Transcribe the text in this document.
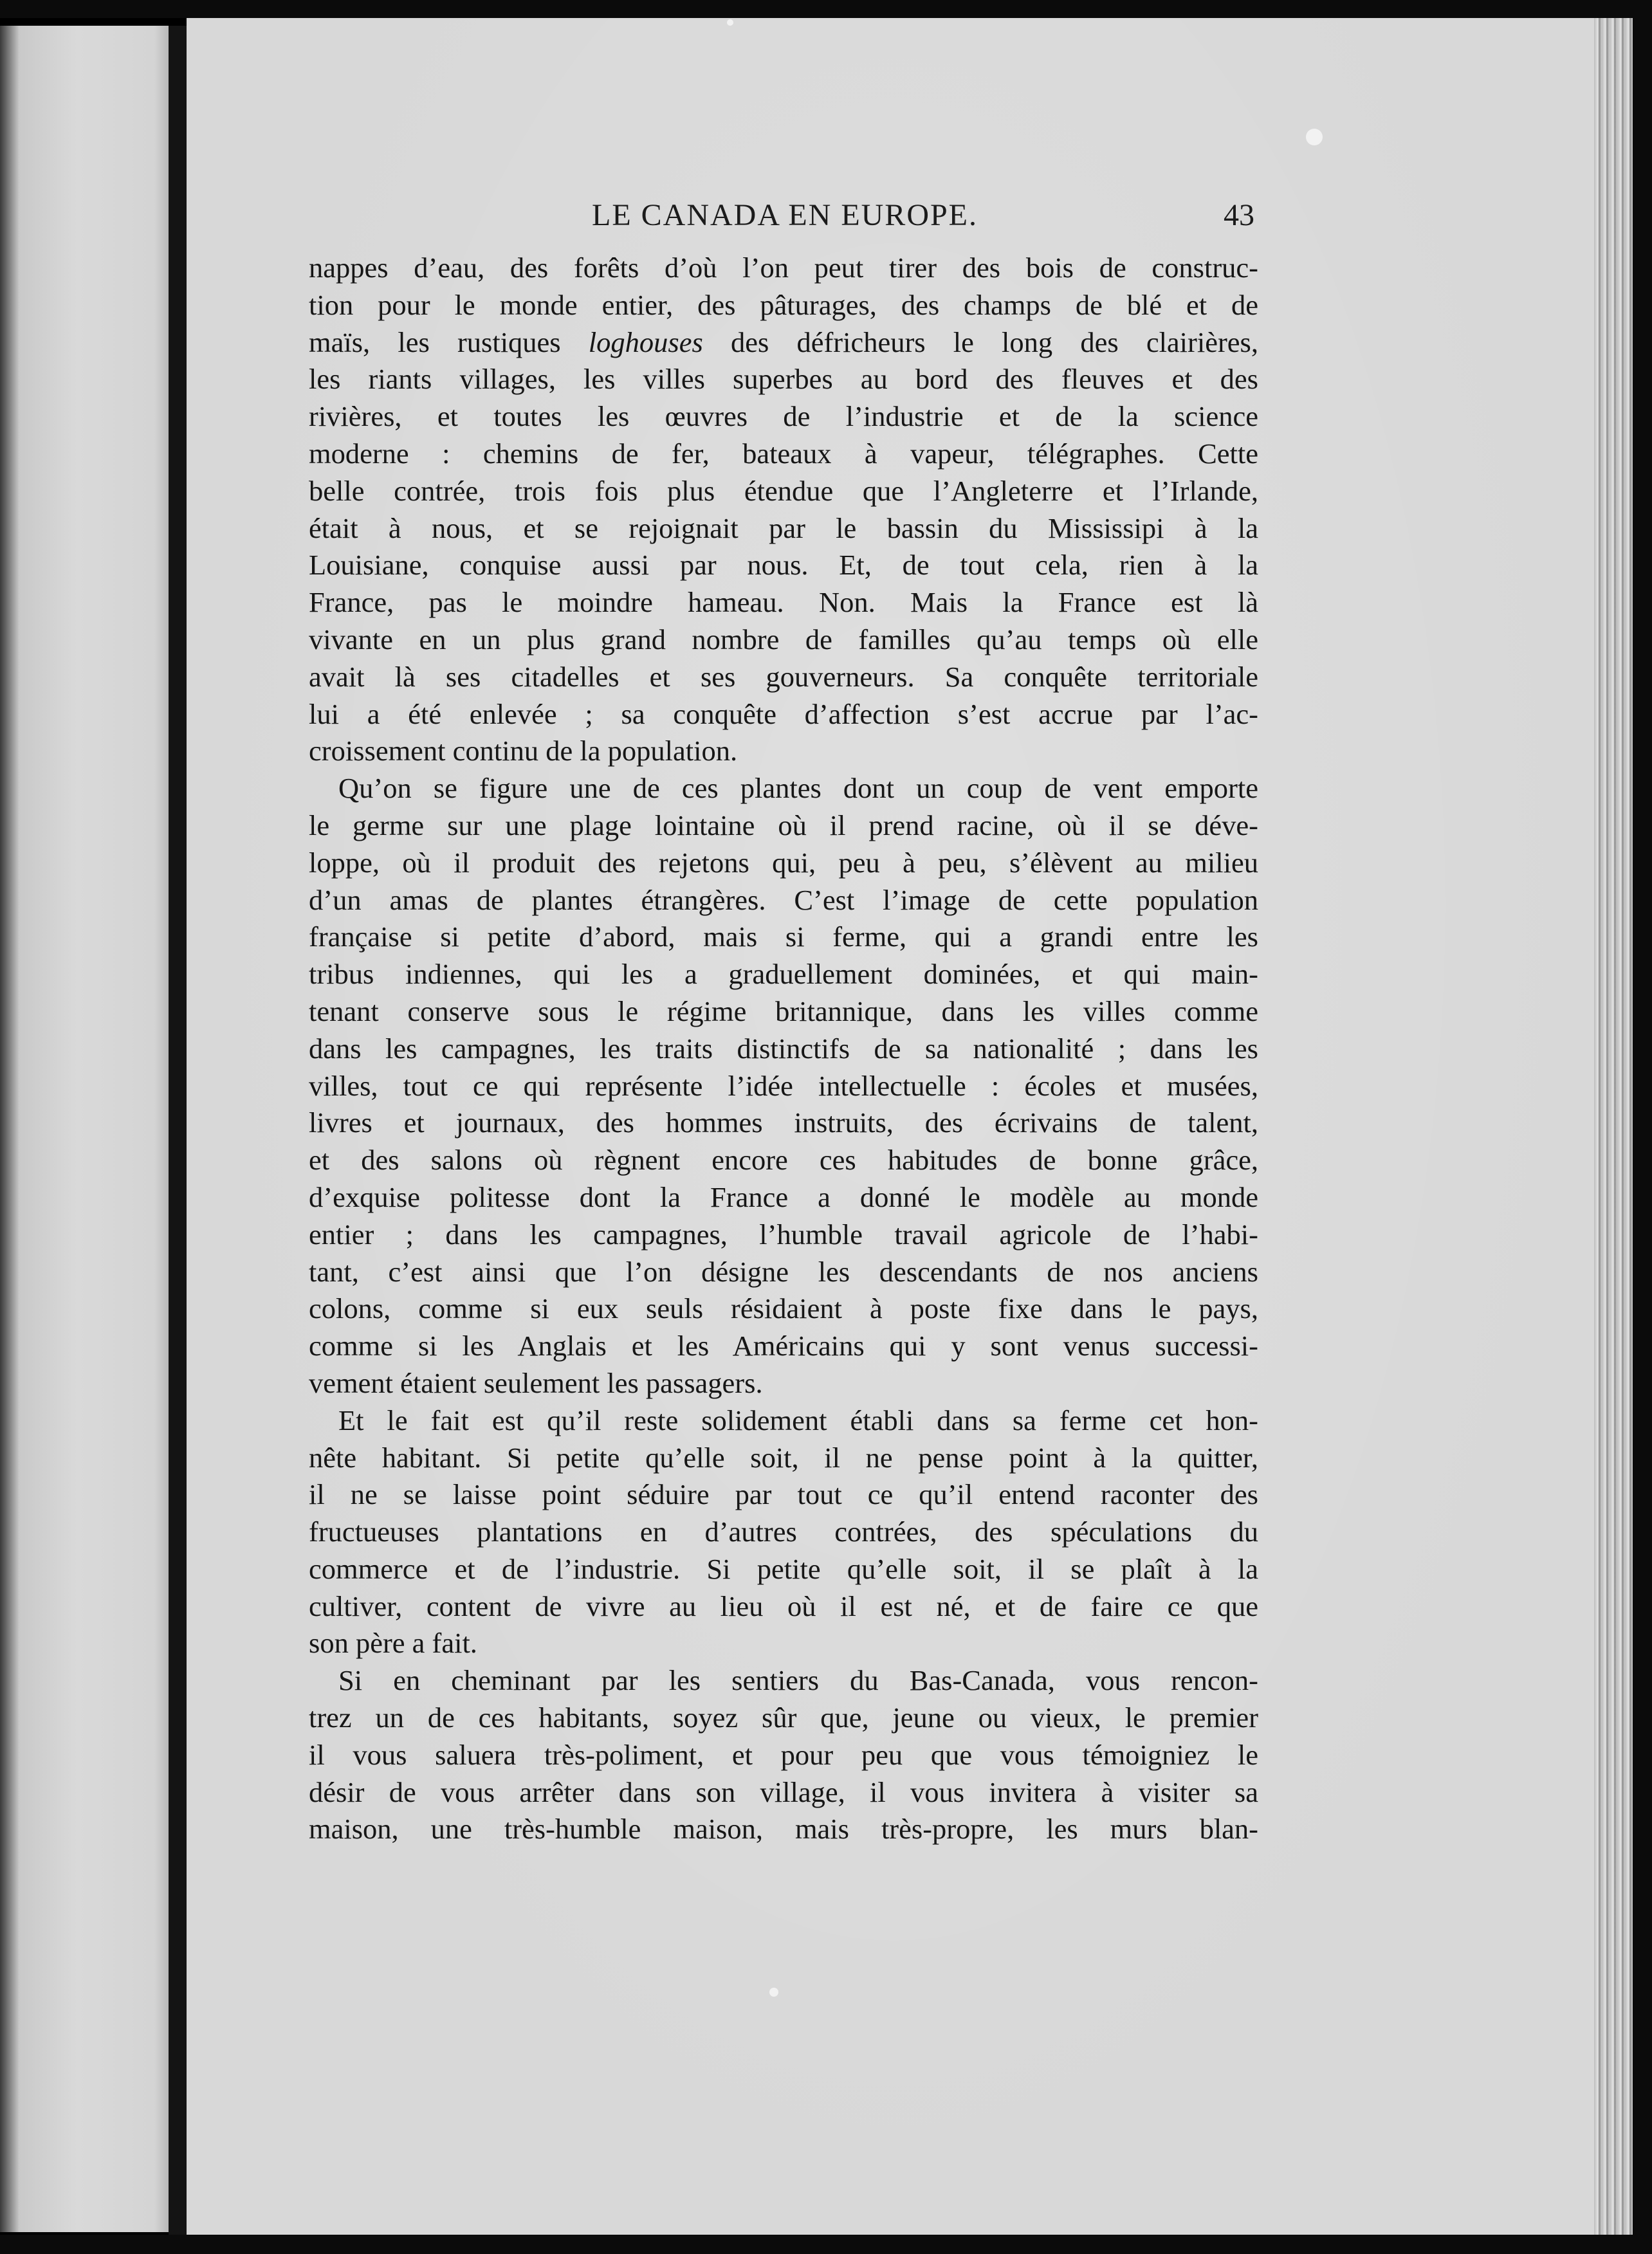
LE CANADA EN EUROPE.	43
nappes d’eau, des forêts d’où l’on peut tirer des bois de construc-
tion pour le monde entier, des pâturages, des champs de blé et de
maïs, les rustiques loghouses des défricheurs le long des clairières,
les riants villages, les villes superbes au bord des fleuves et des
rivières, et toutes les œuvres de l’industrie et de la science
moderne : chemins de fer, bateaux à vapeur, télégraphes. Cette
belle contrée, trois fois plus étendue que l’Angleterre et l’Irlande,
était à nous, et se rejoignait par le bassin du Mississipi à la
Louisiane, conquise aussi par nous. Et, de tout cela, rien à la
France, pas le moindre hameau. Non. Mais la France est là
vivante en un plus grand nombre de familles qu’au temps où elle
avait là ses citadelles et ses gouverneurs. Sa conquête territoriale
lui a été enlevée ; sa conquête d’affection s’est accrue par l’ac-
croissement continu de la population.
Qu’on se figure une de ces plantes dont un coup de vent emporte
le germe sur une plage lointaine où il prend racine, où il se déve-
loppe, où il produit des rejetons qui, peu à peu, s’élèvent au milieu
d’un amas de plantes étrangères. C’est l’image de cette population
française si petite d’abord, mais si ferme, qui a grandi entre les
tribus indiennes, qui les a graduellement dominées, et qui main-
tenant conserve sous le régime britannique, dans les villes comme
dans les campagnes, les traits distinctifs de sa nationalité ; dans les
villes, tout ce qui représente l’idée intellectuelle : écoles et musées,
livres et journaux, des hommes instruits, des écrivains de talent,
et des salons où règnent encore ces habitudes de bonne grâce,
d’exquise politesse dont la France a donné le modèle au monde
entier ; dans les campagnes, l’humble travail agricole de l’habi-
tant, c’est ainsi que l’on désigne les descendants de nos anciens
colons, comme si eux seuls résidaient à poste fixe dans le pays,
comme si les Anglais et les Américains qui y sont venus successi-
vement étaient seulement les passagers.
Et le fait est qu’il reste solidement établi dans sa ferme cet hon-
nête habitant. Si petite qu’elle soit, il ne pense point à la quitter,
il ne se laisse point séduire par tout ce qu’il entend raconter des
fructueuses plantations en d’autres contrées, des spéculations du
commerce et de l’industrie. Si petite qu’elle soit, il se plaît à la
cultiver, content de vivre au lieu où il est né, et de faire ce que
son père a fait.
Si en cheminant par les sentiers du Bas-Canada, vous rencon-
trez un de ces habitants, soyez sûr que, jeune ou vieux, le premier
il vous saluera très-poliment, et pour peu que vous témoigniez le
désir de vous arrêter dans son village, il vous invitera à visiter sa
maison, une très-humble maison, mais très-propre, les murs blan-
